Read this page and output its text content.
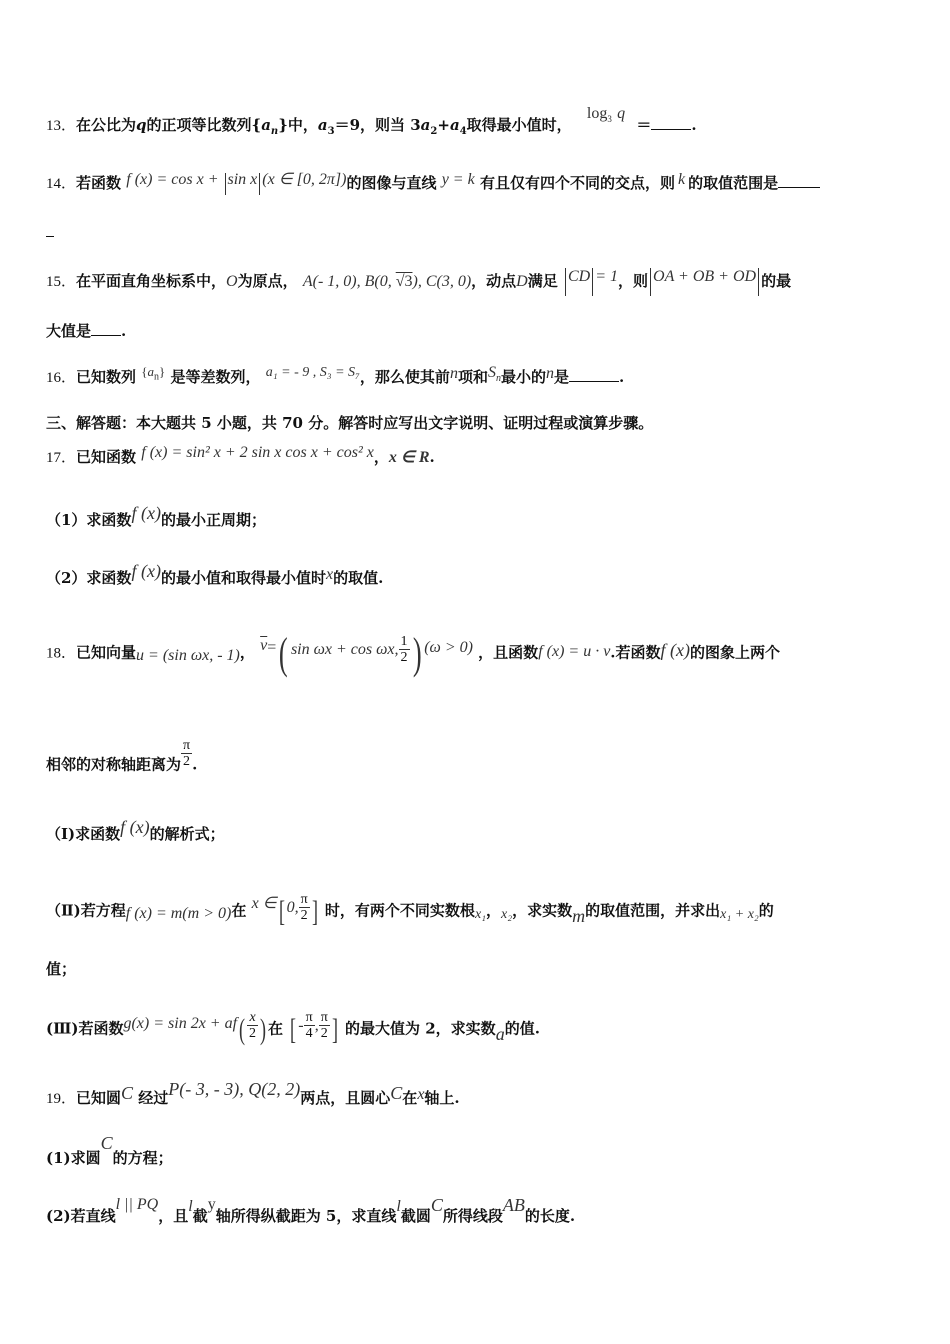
13．在公比为q的正项等比数列$\{a_n\}$中，$a_3=9$，则当 $3a_2+a_4$取得最小值时， $\log_3 q$ ＝	.
14．若函数 f (x) = cos x + sin x (x ∈ [0, 2π])的图像与直线 y = k 有且仅有四个不同的交点，则 k 的取值范围是
15．在平面直角坐标系中，O为原点， A(- 1, 0), B(0, √3), C(3, 0)，动点D满足 CD = 1，则 OA + OB + OD 的最
大值是 .
16．已知数列 $\{a_n\}$ 是等差数列， a₁ = - 9 , S₃ = S₇，那么使其前n项和$S_n$最小的n是	.
三、解答题：本大题共 5 小题，共 70 分。解答时应写出文字说明、证明过程或演算步骤。
17．已知函数 f (x) = sin² x + 2 sin x cos x + cos² x，x ∈ R.
（1）求函数f (x)的最小正周期；
（2）求函数f (x)的最小值和取得最小值时x的取值.
18．已知向量u = (sin ωx, - 1)， $\overline{v}=$( sin ωx + cos ωx, $\frac{1}{2}$ ) (ω > 0) ，且函数f (x) = u · v.若函数f (x)的图象上两个
相邻的对称轴距离为 $\frac{\pi}{2}$ .
（Ⅰ)求函数f (x)的解析式；
（Ⅱ)若方程f (x) = m(m > 0)在 x ∈[ 0, $\frac{\pi}{2}$ ] 时，有两个不同实数根x₁，x₂，求实数m的取值范围，并求出x₁ + x₂的
值；
(Ⅲ)若函数$g(x) = \sin 2x + af( \frac{x}{2}$ ) 在 [ - $\frac{\pi}{4}$ , $\frac{\pi}{2}$ ] 的最大值为 2，求实数a的值.
19．已知圆C 经过P(- 3, - 3), Q(2, 2)两点，且圆心C在x轴上.
(1)求圆C的方程；
(2)若直线l || PQ，且l截y轴所得纵截距为 5，求直线l截圆C所得线段AB的长度.
